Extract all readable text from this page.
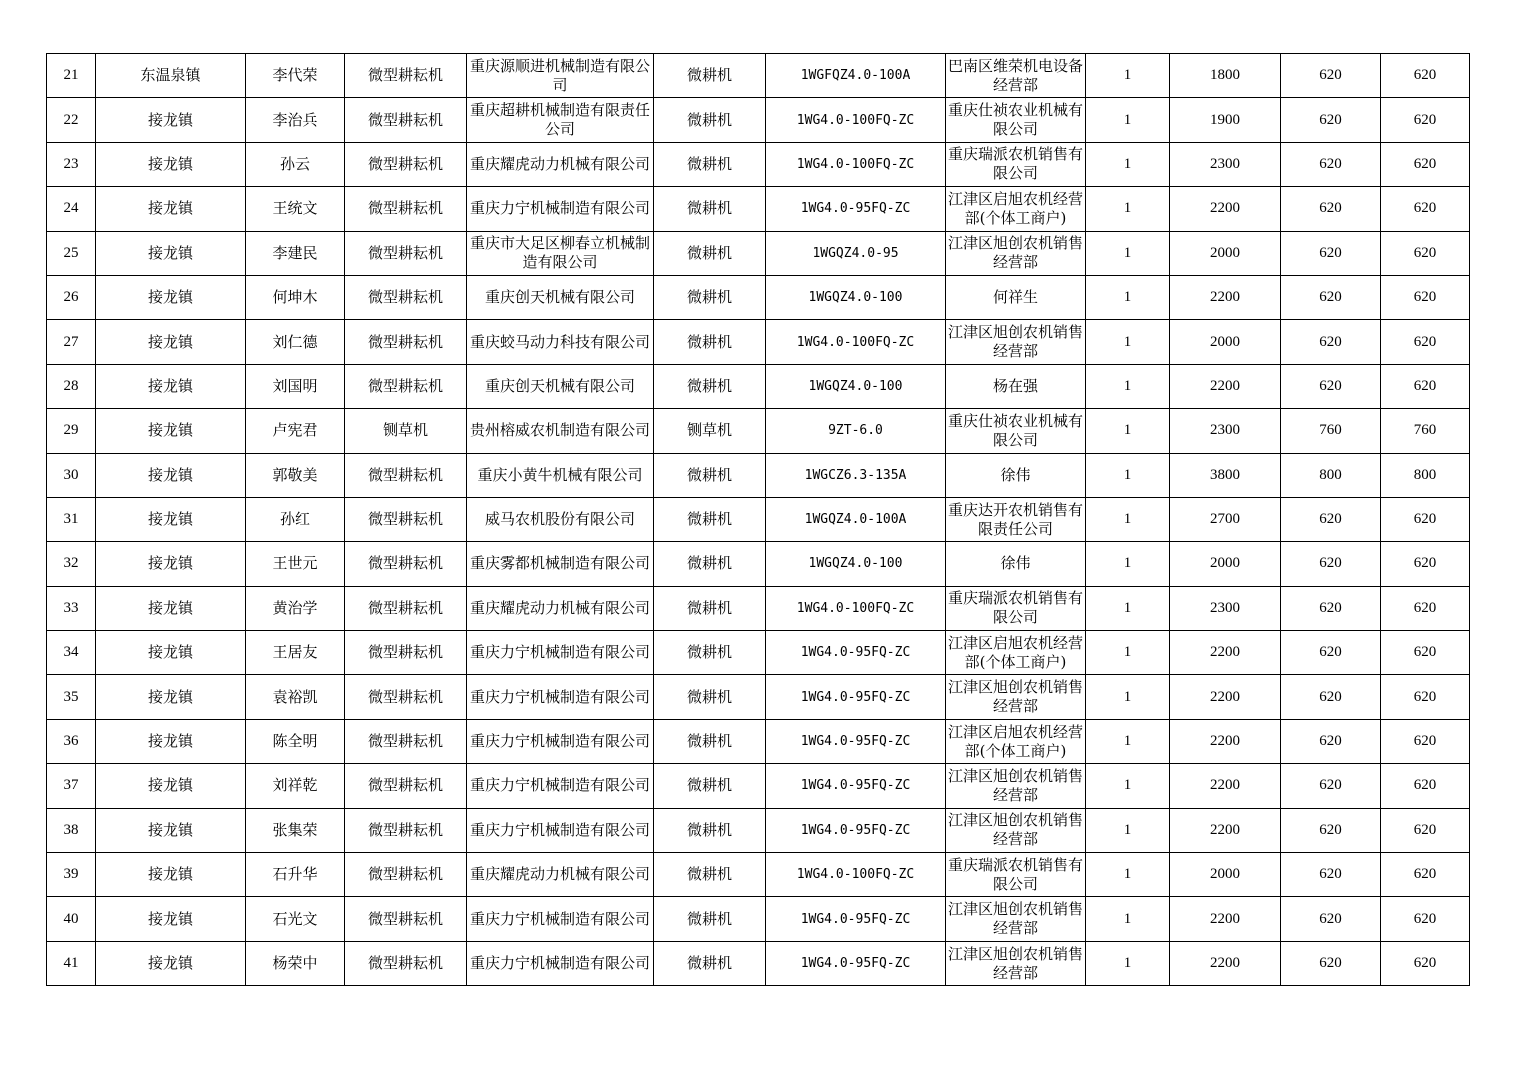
21	东温泉镇	李代荣	微型耕耘机	重庆源顺进机械制造有限公司	微耕机	1WGFQZ4.0-100A	巴南区维荣机电设备经营部	1	1800	620	620
22	接龙镇	李治兵	微型耕耘机	重庆超耕机械制造有限责任公司	微耕机	1WG4.0-100FQ-ZC	重庆仕祯农业机械有限公司	1	1900	620	620
23	接龙镇	孙云	微型耕耘机	重庆耀虎动力机械有限公司	微耕机	1WG4.0-100FQ-ZC	重庆瑞派农机销售有限公司	1	2300	620	620
24	接龙镇	王统文	微型耕耘机	重庆力宁机械制造有限公司	微耕机	1WG4.0-95FQ-ZC	江津区启旭农机经营部(个体工商户)	1	2200	620	620
25	接龙镇	李建民	微型耕耘机	重庆市大足区柳春立机械制造有限公司	微耕机	1WGQZ4.0-95	江津区旭创农机销售经营部	1	2000	620	620
26	接龙镇	何坤木	微型耕耘机	重庆创天机械有限公司	微耕机	1WGQZ4.0-100	何祥生	1	2200	620	620
27	接龙镇	刘仁德	微型耕耘机	重庆蛟马动力科技有限公司	微耕机	1WG4.0-100FQ-ZC	江津区旭创农机销售经营部	1	2000	620	620
28	接龙镇	刘国明	微型耕耘机	重庆创天机械有限公司	微耕机	1WGQZ4.0-100	杨在强	1	2200	620	620
29	接龙镇	卢宪君	铡草机	贵州榕威农机制造有限公司	铡草机	9ZT-6.0	重庆仕祯农业机械有限公司	1	2300	760	760
30	接龙镇	郭敬美	微型耕耘机	重庆小黄牛机械有限公司	微耕机	1WGCZ6.3-135A	徐伟	1	3800	800	800
31	接龙镇	孙红	微型耕耘机	威马农机股份有限公司	微耕机	1WGQZ4.0-100A	重庆达开农机销售有限责任公司	1	2700	620	620
32	接龙镇	王世元	微型耕耘机	重庆雾都机械制造有限公司	微耕机	1WGQZ4.0-100	徐伟	1	2000	620	620
33	接龙镇	黄治学	微型耕耘机	重庆耀虎动力机械有限公司	微耕机	1WG4.0-100FQ-ZC	重庆瑞派农机销售有限公司	1	2300	620	620
34	接龙镇	王居友	微型耕耘机	重庆力宁机械制造有限公司	微耕机	1WG4.0-95FQ-ZC	江津区启旭农机经营部(个体工商户)	1	2200	620	620
35	接龙镇	袁裕凯	微型耕耘机	重庆力宁机械制造有限公司	微耕机	1WG4.0-95FQ-ZC	江津区旭创农机销售经营部	1	2200	620	620
36	接龙镇	陈全明	微型耕耘机	重庆力宁机械制造有限公司	微耕机	1WG4.0-95FQ-ZC	江津区启旭农机经营部(个体工商户)	1	2200	620	620
37	接龙镇	刘祥乾	微型耕耘机	重庆力宁机械制造有限公司	微耕机	1WG4.0-95FQ-ZC	江津区旭创农机销售经营部	1	2200	620	620
38	接龙镇	张集荣	微型耕耘机	重庆力宁机械制造有限公司	微耕机	1WG4.0-95FQ-ZC	江津区旭创农机销售经营部	1	2200	620	620
39	接龙镇	石升华	微型耕耘机	重庆耀虎动力机械有限公司	微耕机	1WG4.0-100FQ-ZC	重庆瑞派农机销售有限公司	1	2000	620	620
40	接龙镇	石光文	微型耕耘机	重庆力宁机械制造有限公司	微耕机	1WG4.0-95FQ-ZC	江津区旭创农机销售经营部	1	2200	620	620
41	接龙镇	杨荣中	微型耕耘机	重庆力宁机械制造有限公司	微耕机	1WG4.0-95FQ-ZC	江津区旭创农机销售经营部	1	2200	620	620
